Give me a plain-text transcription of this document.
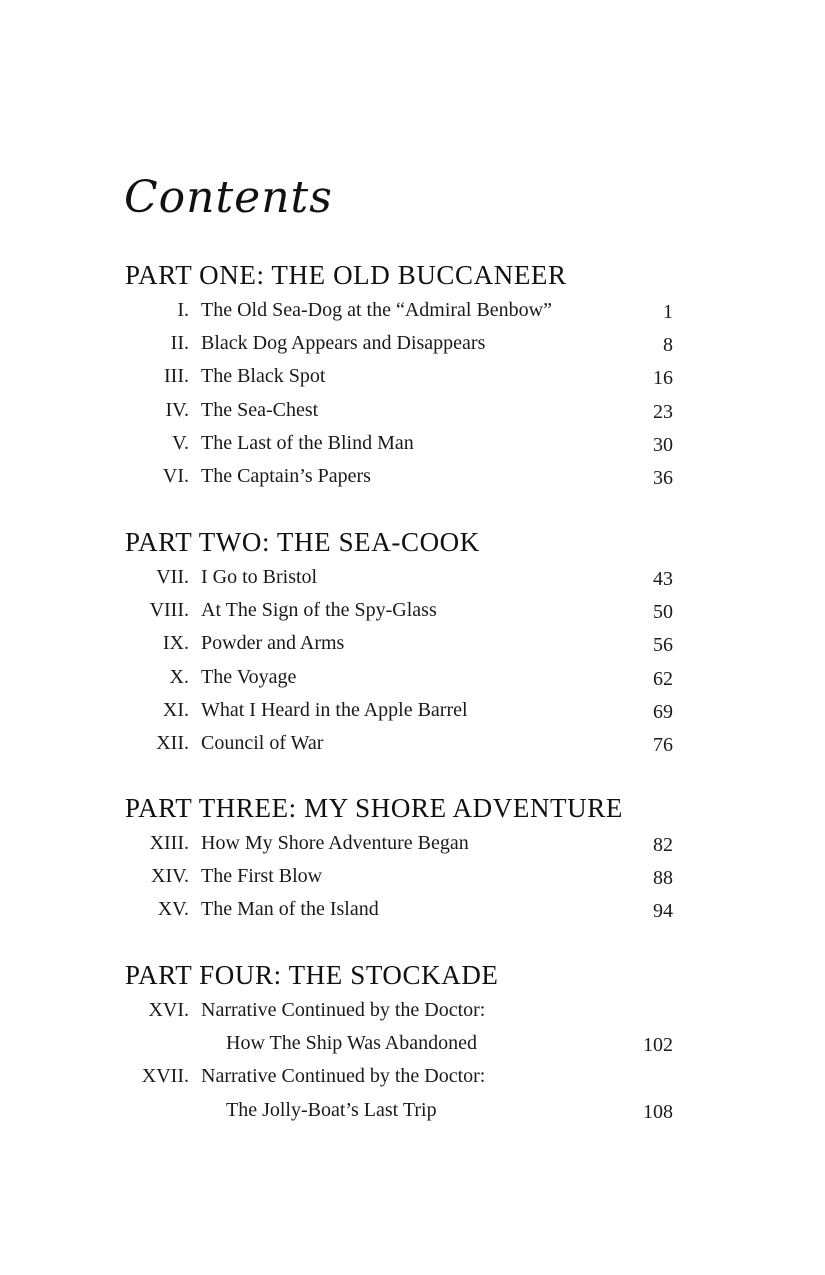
Contents
PART ONE: THE OLD BUCCANEER
I. The Old Sea-Dog at the “Admiral Benbow”	1
II. Black Dog Appears and Disappears	8
III. The Black Spot	16
IV. The Sea-Chest	23
V. The Last of the Blind Man	30
VI. The Captain’s Papers	36
PART TWO: THE SEA-COOK
VII. I Go to Bristol	43
VIII. At The Sign of the Spy-Glass	50
IX. Powder and Arms	56
X. The Voyage	62
XI. What I Heard in the Apple Barrel	69
XII. Council of War	76
PART THREE: MY SHORE ADVENTURE
XIII. How My Shore Adventure Began	82
XIV. The First Blow	88
XV. The Man of the Island	94
PART FOUR: THE STOCKADE
XVI. Narrative Continued by the Doctor:
How The Ship Was Abandoned	102
XVII. Narrative Continued by the Doctor:
The Jolly-Boat’s Last Trip	108
